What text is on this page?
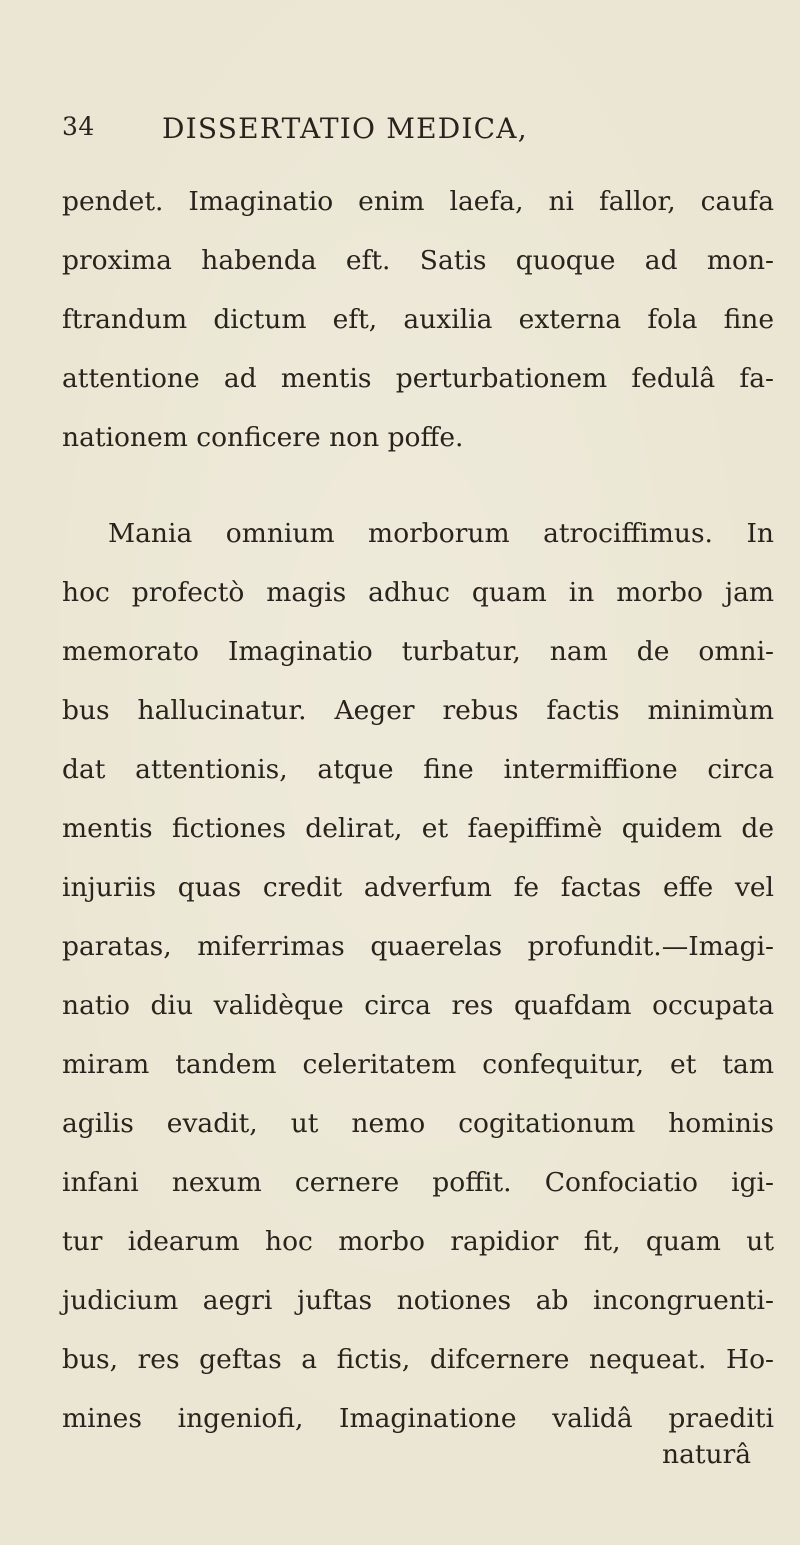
34 DISSERTATIO MEDICA,
pendet. Imaginatio enim laefa, ni fallor, caufa
proxima habenda eft. Satis quoque ad mon-
ftrandum dictum eft, auxilia externa fola fine
attentione ad mentis perturbationem fedulâ fa-
nationem conficere non poffe.
Mania omnium morborum atrociffimus. In
hoc profectò magis adhuc quam in morbo jam
memorato Imaginatio turbatur, nam de omni-
bus hallucinatur. Aeger rebus factis minimùm
dat attentionis, atque fine intermiffione circa
mentis fictiones delirat, et faepiffimè quidem de
injuriis quas credit adverfum fe factas effe vel
paratas, miferrimas quaerelas profundit.—Imagi-
natio diu validèque circa res quafdam occupata
miram tandem celeritatem confequitur, et tam
agilis evadit, ut nemo cogitationum hominis
infani nexum cernere poffit. Confociatio igi-
tur idearum hoc morbo rapidior fit, quam ut
judicium aegri juftas notiones ab incongruenti-
bus, res geftas a fictis, difcernere nequeat. Ho-
mines ingeniofi, Imaginatione validâ praediti
naturâ
